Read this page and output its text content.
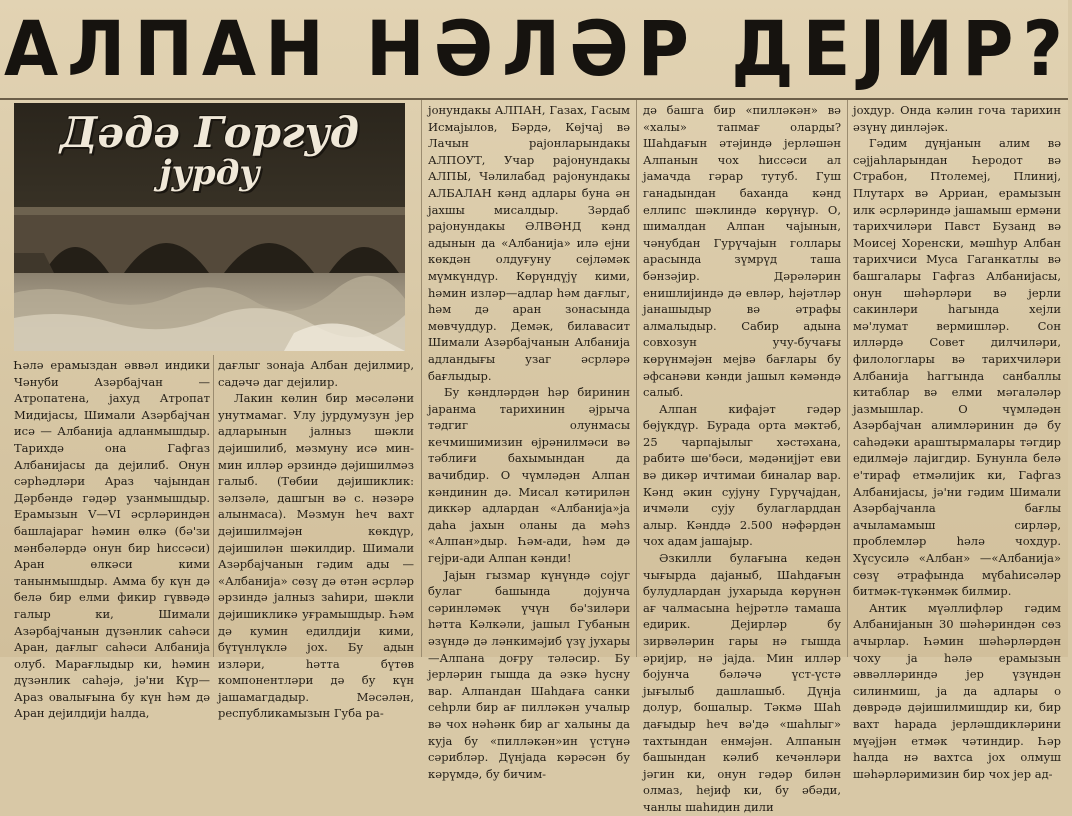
АЛПАН НӘЛӘР ДЕЈИР?
Дәдә Горгуд
јурду

Һәлә ерамыздан әввәл индики Чәнуби Азәрбајчан —Атропатена, јахуд Атропат Мидијасы, Шимали Азәрбајчан исә — Албанија адланмышдыр. Тарихдә она Гафгаз Албанијасы да дејилиб. Онун сәрһәдләри Араз чајындан Дәрбәндә гәдәр узанмышдыр. Ерамызын V—VI әсрләриндән башлајараг һәмин өлкә (бә'зи мәнбәләрдә онун бир һиссәси) Аран өлкәси кими танынмышдыр. Амма бу күн дә белә бир елми фикир гүввәдә галыр ки, Шимали Азәрбајчанын дүзәнлик саһәси Аран, дағлыг саһәси Албанија олуб. Марағлыдыр ки, һәмин дүзәнлик саһәјә, јә'ни Күр—Араз овалығына бу күн һәм дә Аран дејилдији һалда,

дағлыг зонаја Албан дејилмир, садәчә даг дејилир.

Лакин көлин бир мәсәләни унутмамаг. Улу јурдумузун јер адларынын јалныз шәкли дәјишилиб, мәзмуну исә мин-мин илләр әрзиндә дәјишилмәз галыб. (Төбии дәјишиклик: зәлзәлә, дашгын вә с. нәзәрә алынмаса). Мәзмун һеч вахт дәјишилмәјән көкдүр, дәјишилән шәкилдир. Шимали Азәрбајчанын гәдим ады — «Албанија» сөзү дә өтән әсрләр әрзиндә јалныз заһири, шәкли дәјишикликә уғрамышдыр. Һәм дә кумин едилдији кими, бүтүнлүклә јох. Бу адын изләри, һәтта бүтөв компонентләри дә бу күн јашамагдадыр. Мәсәлән, республикамызын Губа ра-

јонундакы АЛПАН, Газах, Гасым Исмајылов, Бәрдә, Көјчај вә Лачын рајонларындакы АЛПОУТ, Учар рајонундакы АЛПЫ, Чәлилабад рајонундакы АЛБАЛАН кәнд адлары буна ән јахшы мисалдыр. Зәрдаб рајонундакы ӘЛВӘНД кәнд адынын да «Албанија» илә ејни көкдән олдуғуну сөјләмәк мүмкүндүр. Көрүндүјү кими, һәмин изләр—адлар һәм дағлыг, һәм дә аран зонасында мөвчуддур. Демәк, билавасит Шимали Азәрбајчанын Албанија адландығы узаг әсрләрә бағлыдыр.

Бу кәндләрдән һәр биринин јаранма тарихинин әјрыча тәдгиг олунмасы кечмишимизин өјрәнилмәси вә тәблиғи бахымындан да вачибдир. О чүмләдән Алпан кәндинин дә. Мисал кәтирилән диккәр адлардан «Албанија»ја даһа јахын оланы да мәһз «Алпан»дыр. Һәм-ади, һәм дә гејри-ади Алпан кәнди!

Јајын гызмар күнүндә сојуг булаг башында дојунча сәринләмәк үчүн бә'зиләри һәтта Кәлкәли, јашыл Губанын әзүндә дә ләнкимәјиб үзү јухары —Алпана доғру тәләсир. Бу јерләрин гышда да әзкә һусну вар. Алпандан Шаһдаға санки сеһрли бир ағ пилләкән учалыр вә чох нәһәнк бир аг халыны да куја бу «пилләкән»ин үстүнә сәрибләр. Дүнјада кәрәсән бу кәрүмдә, бу бичим-

дә башга бир «пилләкән» вә «халы» тапмағ оларды? Шаһдағын әтәјиндә јерләшән Алпанын чох һиссәси ал јамачда гәрар тутуб. Гуш ганадындан баханда кәнд еллипс шәклиндә көрүнүр. О, шималдан Алпан чајынын, чәнубдан Гурүчајын голлары арасында зүмрүд таша бәнзәјир. Дәрәләрин енишлијиндә дә евләр, һәјәтләр јанашыдыр вә әтрафы алмалыдыр. Сабир адына совхозун учу-бучағы көрүнмәјән мејвә бағлары бу әфсанәви кәнди јашыл кәмәндә салыб.

Алпан кифајәт гәдәр бөјүкдүр. Бурада орта мәктәб, 25 чарпајылыг хәстәхана, рабитә шө'бәси, мәдәнијјәт еви вә дикәр ичтимаи биналар вар. Кәнд әкин сујуну Гурүчајдан, ичмәли сују булагларддан алыр. Кәнддә 2.500 нәфәрдән чох адам јашајыр.

Әзкилли булағына кедән чығырда дајаныб, Шаһдағын булудлардан јухарыда көрүнән ағ чалмасына һејрәтлә тамаша едирик. Дејирләр бу зирвәләрин гары нә гышда әријир, нә јајда. Мин илләр бојунча бәләчә үст-үстә јығылыб дашлашыб. Дүнја долур, бошалыр. Тәкмә Шаһ дағыдыр һеч вә'дә «шаһлыг» тахтындан енмәјән. Алпанын башындан кәлиб кечәнләри јәгин ки, онун гәдәр билән олмаз, һејиф ки, бу әбәди, чанлы шаһидин дили

јохдур. Онда кәлин гоча тарихин әзүнү динләјәк.

Гәдим дүнјанын алим вә сәјјаһларындан Һеродот вә Страбон, Птолемеј, Плиниј, Плутарх вә Арриан, ерамызын илк әсрләриндә јашамыш ермәни тарихчиләри Павст Бузанд вә Моисеј Хоренски, мәшһур Албан тарихчиси Муса Гаганкатлы вә башгалары Гафгаз Албанијасы, онун шәһәрләри вә јерли сакинләри һагында хејли мә'лумат вермишләр. Сон илләрдә Совет дилчиләри, филологлары вә тарихчиләри Албанија һаггында санбаллы китаблар вә елми мәгаләләр јазмышлар. О чүмләдән Азәрбајчан алимләринин дә бу саһәдәки араштырмалары тәгдир едилмәјә лајигдир. Бунунла белә е'тираф етмәлијик ки, Гафгаз Албанијасы, јә'ни гәдим Шимали Азәрбајчанла бағлы ачыламамыш сирләр, проблемләр һәлә чохдур. Хүсусилә «Албан» —«Албанија» сөзү әтрафында мүбаһисәләр битмәк-түкәнмәк билмир.

Антик мүәллифләр гәдим Албанијанын 30 шәһәриндән сөз ачырлар. Һәмин шәһәрләрдән чоху ја һәлә ерамызын әввәлләриндә јер үзүндән силинмиш, ја да адлары о дөврәдә дәјишилмишдир ки, бир вахт һарада јерләшдикләрини мүәјјән етмәк чәтиндир. Һәр һалда нә вахтса јох олмуш шәһәрләримизин бир чох јер ад-
